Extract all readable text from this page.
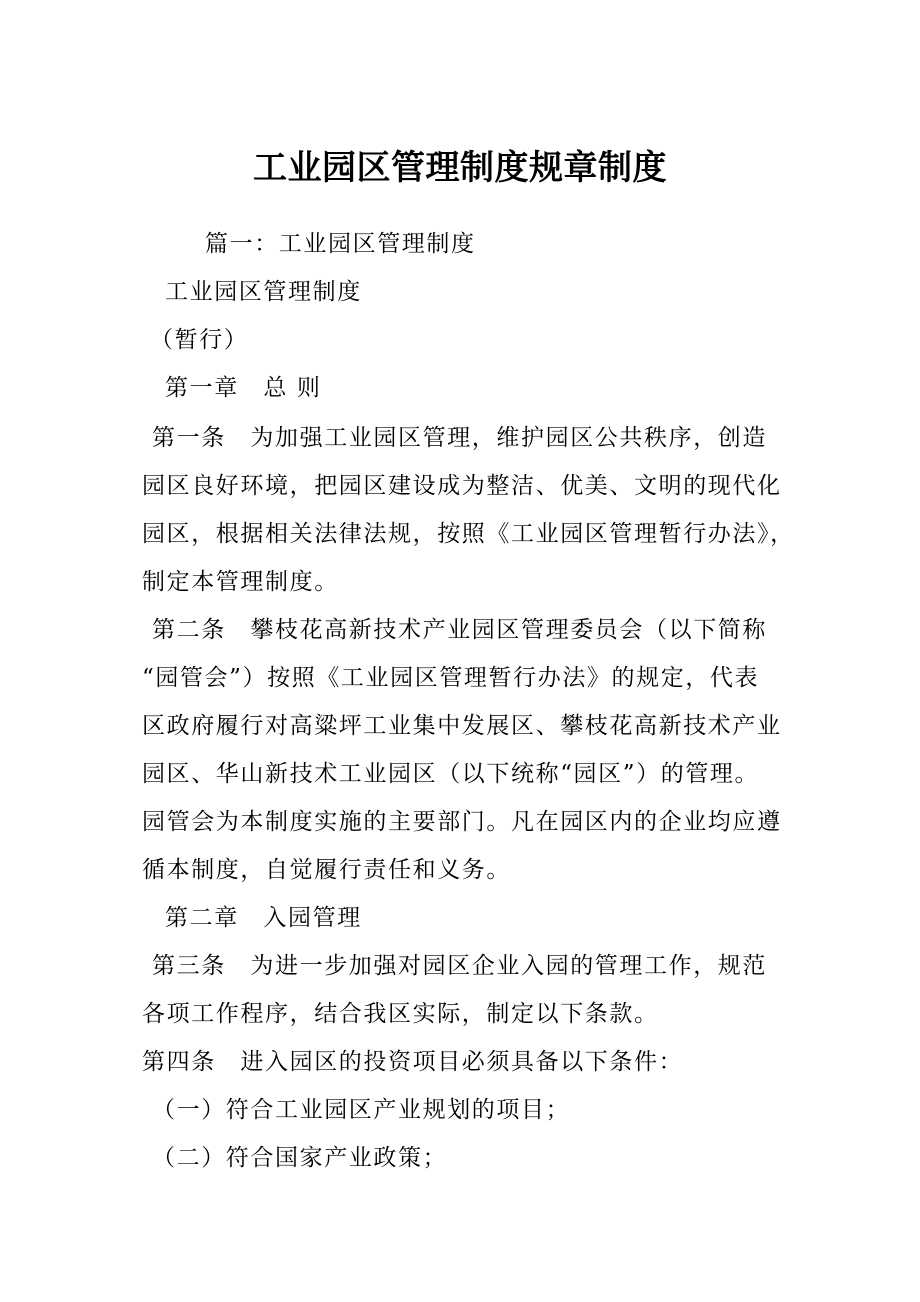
工业园区管理制度规章制度
篇一：工业园区管理制度
工业园区管理制度
（暂行）
第一章　总 则
第一条　为加强工业园区管理，维护园区公共秩序，创造
园区良好环境，把园区建设成为整洁、优美、文明的现代化
园区，根据相关法律法规，按照《工业园区管理暂行办法》，
制定本管理制度。
第二条　攀枝花高新技术产业园区管理委员会（以下简称
“园管会”）按照《工业园区管理暂行办法》的规定，代表
区政府履行对高粱坪工业集中发展区、攀枝花高新技术产业
园区、华山新技术工业园区（以下统称“园区”）的管理。
园管会为本制度实施的主要部门。凡在园区内的企业均应遵
循本制度，自觉履行责任和义务。
第二章　入园管理
第三条　为进一步加强对园区企业入园的管理工作，规范
各项工作程序，结合我区实际，制定以下条款。
第四条　进入园区的投资项目必须具备以下条件：
（一）符合工业园区产业规划的项目；
（二）符合国家产业政策；
